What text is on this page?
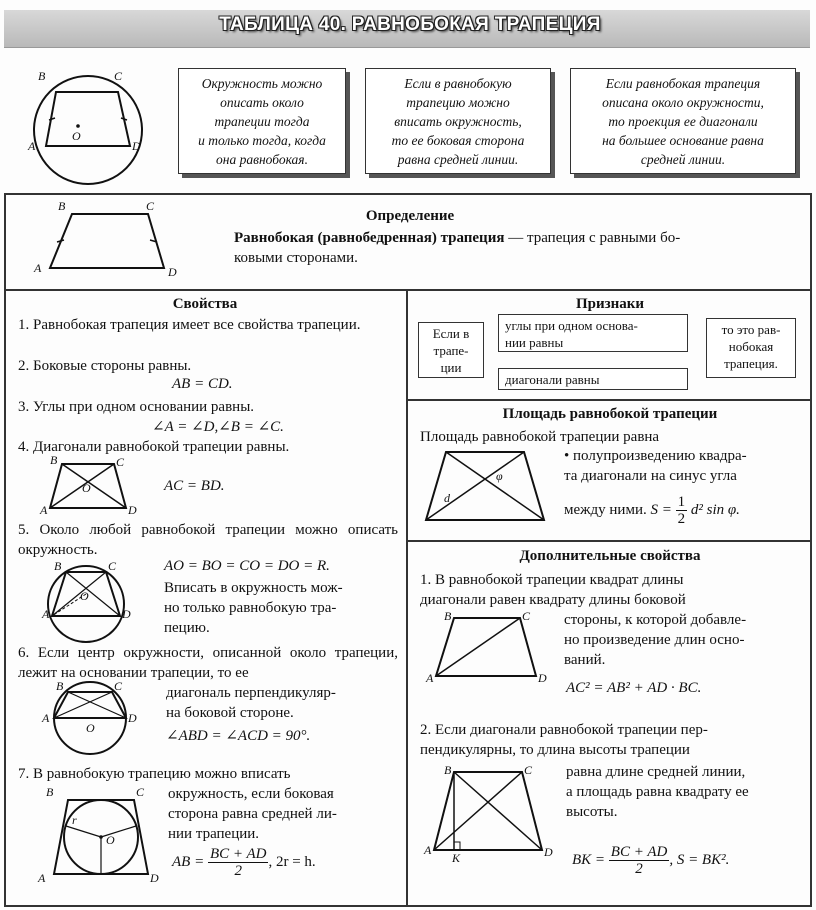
ТАБЛИЦА 40. РАВНОБОКАЯ ТРАПЕЦИЯ
B	C
A	D
O
Окружность можно
описать около
трапеции тогда
и только тогда, когда
она равнобокая.
Если в равнобокую
трапецию можно
вписать окружность,
то ее боковая сторона
равна средней линии.
Если равнобокая трапеция
описана около окружности,
то проекция ее диагонали
на большее основание равна
средней линии.
B	C
A	D
Определение
Равнобокая (равнобедренная) трапеция — трапеция с равными бо-
ковыми сторонами.
Свойства
1. Равнобокая трапеция имеет все свойства трапеции.
2. Боковые стороны равны.
AB = CD.
3. Углы при одном основании равны.
∠A = ∠D,∠B = ∠C.
4. Диагонали равнобокой трапеции равны.
B	C
A	D
O	AC = BD.
5. Около любой равнобокой трапеции можно описать окружность.
B	C
A	D
O
AO = BO = CO = DO = R.
Вписать в окружность мож-
но только равнобокую тра-
пецию.
6. Если центр окружности, описанной около трапеции, лежит на основании трапеции, то ее
B	C
A	D
O
диагональ перпендикуляр-
на боковой стороне.
∠ABD = ∠ACD = 90°.
7. В равнобокую трапецию можно вписать
B	C
A	D
O
r
окружность, если боковая
сторона равна средней ли-
нии трапеции.
AB = $\frac{BC + AD}{2}$ , 2r = h.
Признаки
Если в
трапе-
ции
углы при одном основа-
нии равны
диагонали равны
то это рав-
нобокая
трапеция.
Площадь равнобокой трапеции
Площадь равнобокой трапеции равна
φ
d
• полупроизведению квадра-
та диагонали на синус угла
между ними. $S = \frac{1}{2} d^2$ sin φ.
Дополнительные свойства
1. В равнобокой трапеции квадрат длины
диагонали равен квадрату длины боковой
B	C
A	D
стороны, к которой добавле-
но произведение длин осно-
ваний.
AC² = AB² + AD · BC.
2. Если диагонали равнобокой трапеции пер-
пендикулярны, то длина высоты трапеции
B	C
A	D
K
равна длине средней линии,
а площадь равна квадрату ее
высоты.
BK = $\frac{BC + AD}{2}$ , S = BK².
